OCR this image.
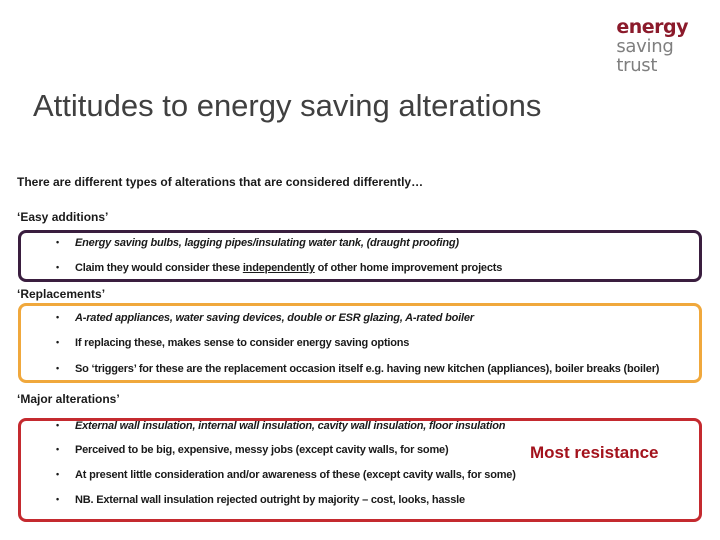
energy
saving
trust
Attitudes to energy saving alterations
There are different types of alterations that are considered differently…
‘Easy additions’
• Energy saving bulbs, lagging pipes/insulating water tank, (draught proofing)
• Claim they would consider these independently of other home improvement projects
‘Replacements’
• A-rated appliances, water saving devices, double or ESR glazing, A-rated boiler
• If replacing these, makes sense to consider energy saving options
• So ‘triggers’ for these are the replacement occasion itself e.g. having new kitchen (appliances), boiler breaks (boiler)
‘Major alterations’
• External wall insulation, internal wall insulation, cavity wall insulation, floor insulation
• Perceived to be big, expensive, messy jobs (except cavity walls, for some)
• At present little consideration and/or awareness of these (except cavity walls, for some)
• NB. External wall insulation rejected outright by majority – cost, looks, hassle
Most resistance
